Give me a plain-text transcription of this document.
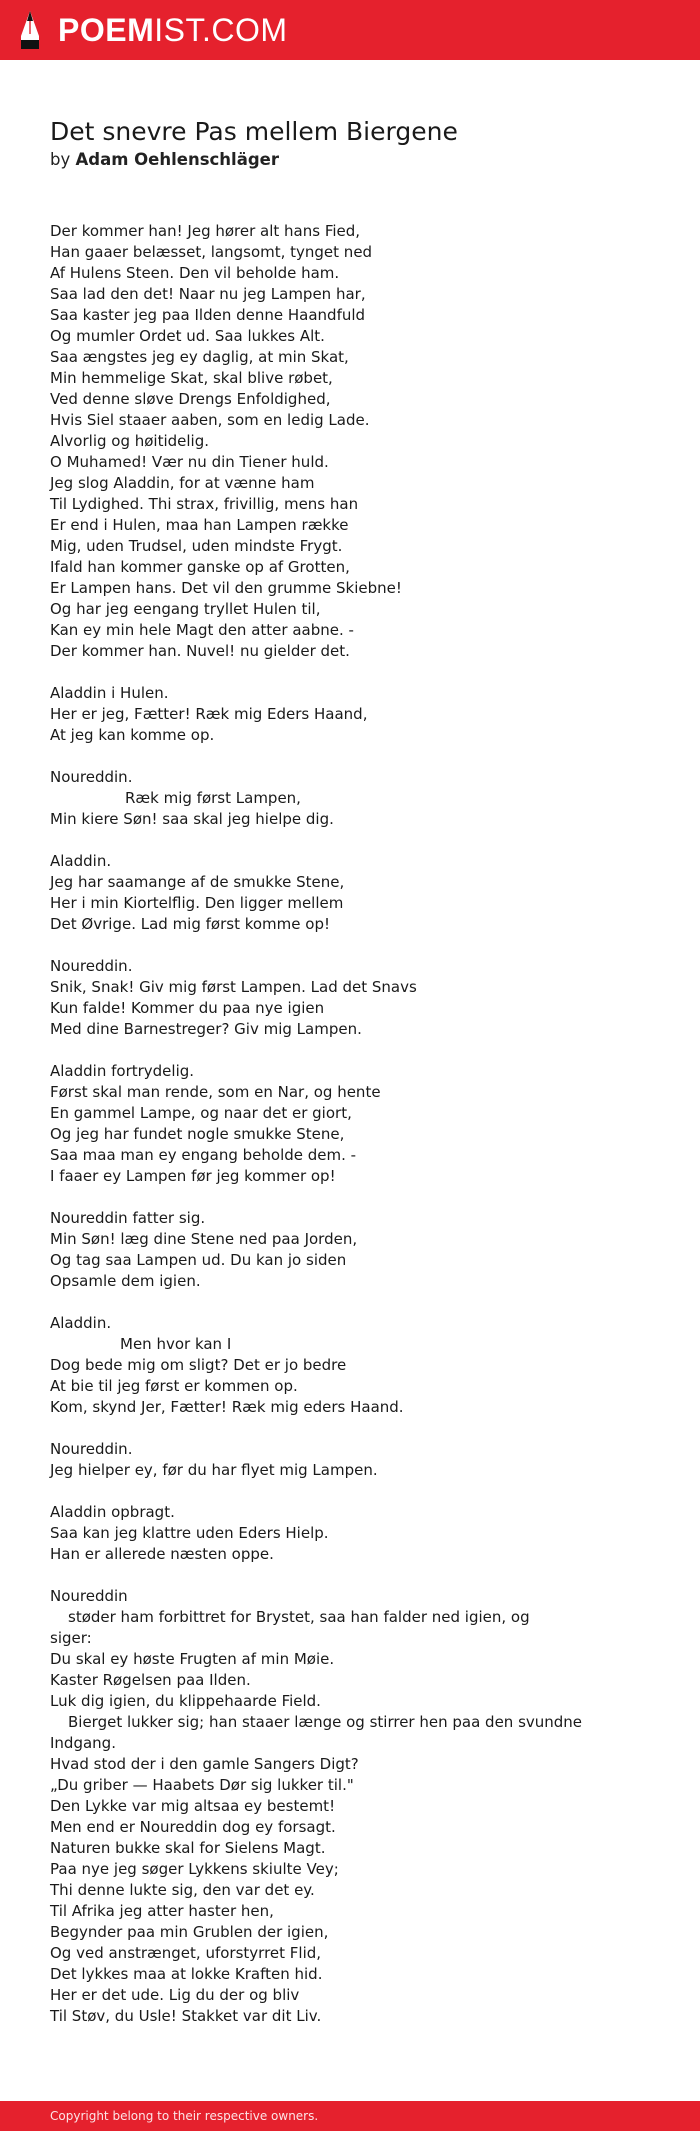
POEMIST.COM
Det snevre Pas mellem Biergene
by Adam Oehlenschläger
Der kommer han! Jeg hører alt hans Fied,
Han gaaer belæsset, langsomt, tynget ned
Af Hulens Steen. Den vil beholde ham.
Saa lad den det! Naar nu jeg Lampen har,
Saa kaster jeg paa Ilden denne Haandfuld
Og mumler Ordet ud. Saa lukkes Alt.
Saa ængstes jeg ey daglig, at min Skat,
Min hemmelige Skat, skal blive røbet,
Ved denne sløve Drengs Enfoldighed,
Hvis Siel staaer aaben, som en ledig Lade.
Alvorlig og høitidelig.
O Muhamed! Vær nu din Tiener huld.
Jeg slog Aladdin, for at vænne ham
Til Lydighed. Thi strax, frivillig, mens han
Er end i Hulen, maa han Lampen række
Mig, uden Trudsel, uden mindste Frygt.
Ifald han kommer ganske op af Grotten,
Er Lampen hans. Det vil den grumme Skiebne!
Og har jeg eengang tryllet Hulen til,
Kan ey min hele Magt den atter aabne. -
Der kommer han. Nuvel! nu gielder det.
Aladdin i Hulen.
Her er jeg, Fætter! Ræk mig Eders Haand,
At jeg kan komme op.
Noureddin.
Ræk mig først Lampen,
Min kiere Søn! saa skal jeg hielpe dig.
Aladdin.
Jeg har saamange af de smukke Stene,
Her i min Kiortelflig. Den ligger mellem
Det Øvrige. Lad mig først komme op!
Noureddin.
Snik, Snak! Giv mig først Lampen. Lad det Snavs
Kun falde! Kommer du paa nye igien
Med dine Barnestreger? Giv mig Lampen.
Aladdin fortrydelig.
Først skal man rende, som en Nar, og hente
En gammel Lampe, og naar det er giort,
Og jeg har fundet nogle smukke Stene,
Saa maa man ey engang beholde dem. -
I faaer ey Lampen før jeg kommer op!
Noureddin fatter sig.
Min Søn! læg dine Stene ned paa Jorden,
Og tag saa Lampen ud. Du kan jo siden
Opsamle dem igien.
Aladdin.
Men hvor kan I
Dog bede mig om sligt? Det er jo bedre
At bie til jeg først er kommen op.
Kom, skynd Jer, Fætter! Ræk mig eders Haand.
Noureddin.
Jeg hielper ey, før du har flyet mig Lampen.
Aladdin opbragt.
Saa kan jeg klattre uden Eders Hielp.
Han er allerede næsten oppe.
Noureddin
støder ham forbittret for Brystet, saa han falder ned igien, og
siger:
Du skal ey høste Frugten af min Møie.
Kaster Røgelsen paa Ilden.
Luk dig igien, du klippehaarde Field.
Bierget lukker sig; han staaer længe og stirrer hen paa den svundne
Indgang.
Hvad stod der i den gamle Sangers Digt?
„Du griber — Haabets Dør sig lukker til."
Den Lykke var mig altsaa ey bestemt!
Men end er Noureddin dog ey forsagt.
Naturen bukke skal for Sielens Magt.
Paa nye jeg søger Lykkens skiulte Vey;
Thi denne lukte sig, den var det ey.
Til Afrika jeg atter haster hen,
Begynder paa min Grublen der igien,
Og ved anstrænget, uforstyrret Flid,
Det lykkes maa at lokke Kraften hid.
Her er det ude. Lig du der og bliv
Til Støv, du Usle! Stakket var dit Liv.
Copyright belong to their respective owners.
